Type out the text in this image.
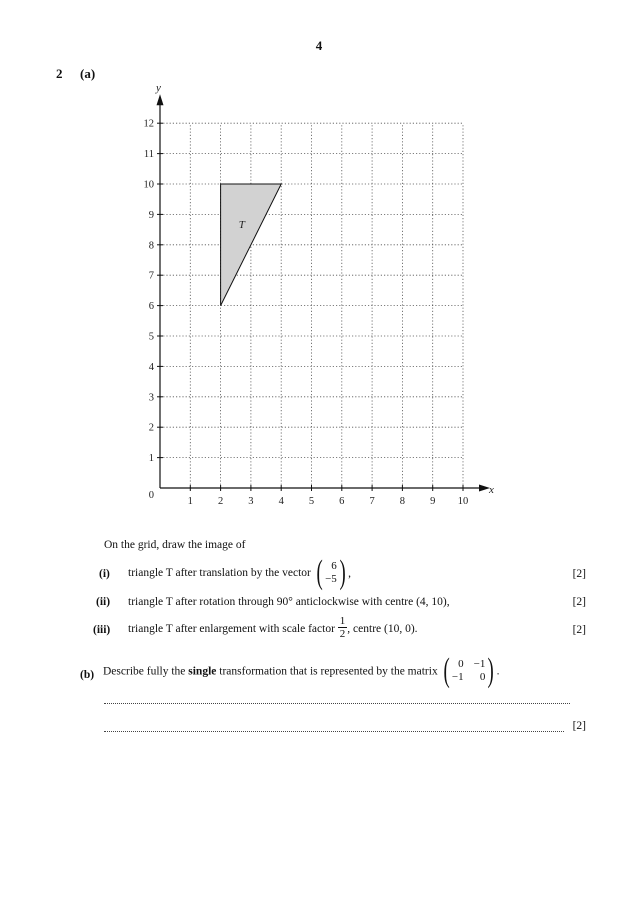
4
2 (a)
T
1 2 3 4 5 6 7 8 9 10
1
2
3
4
5
6
7
8
9
10
11
12
0	x
y
On the grid, draw the image of
(i) triangle T after translation by the vector ( 6
−5 ) ,	[2]
(ii) triangle T after rotation through 90° anticlockwise with centre (4, 10),	[2]
(iii) triangle T after enlargement with scale factor $\frac{1}{2}$ , centre (10, 0).	[2]
(b) Describe fully the single transformation that is represented by the matrix ( 0 −1
−1	0 ) .
[2]
